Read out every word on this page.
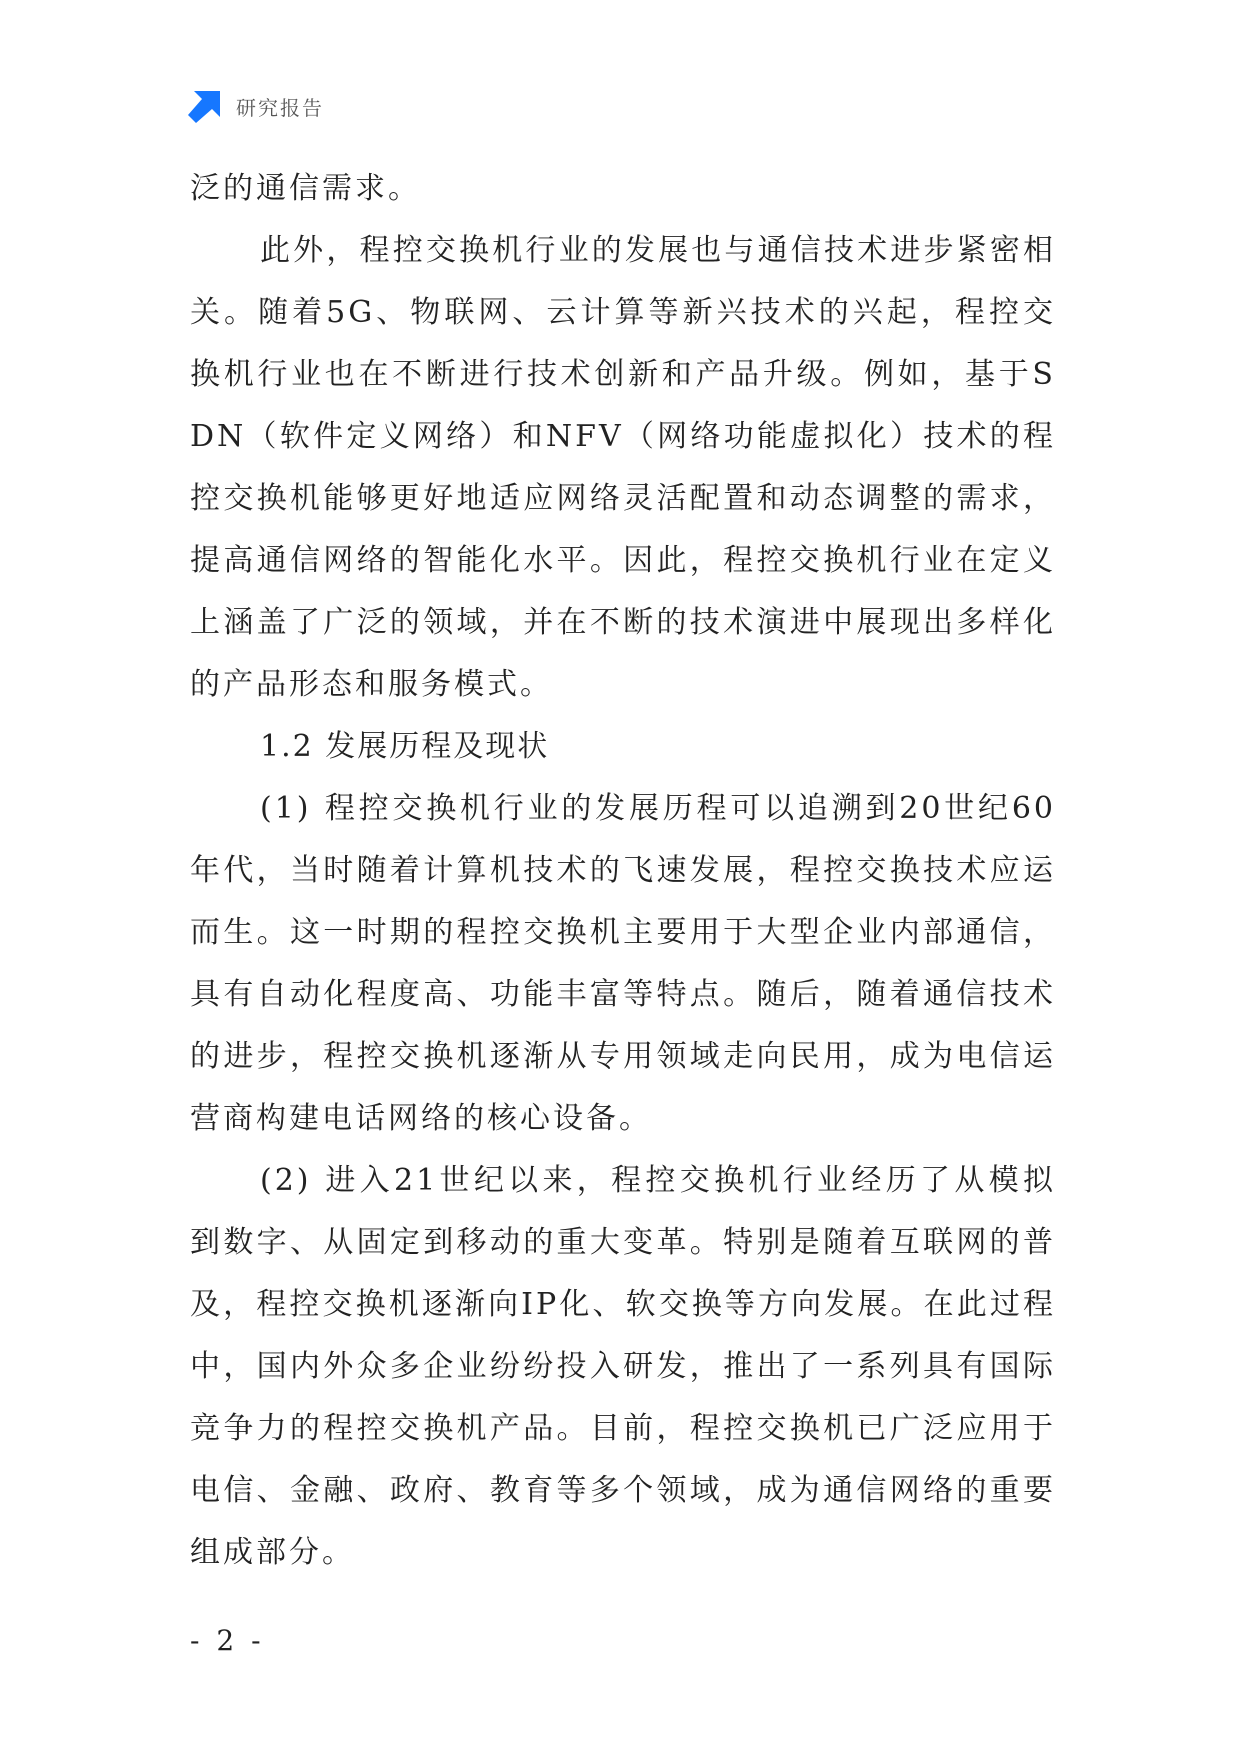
研究报告

泛的通信需求。

此外，程控交换机行业的发展也与通信技术进步紧密相关。随着5G、物联网、云计算等新兴技术的兴起，程控交换机行业也在不断进行技术创新和产品升级。例如，基于SDN（软件定义网络）和NFV（网络功能虚拟化）技术的程控交换机能够更好地适应网络灵活配置和动态调整的需求，提高通信网络的智能化水平。因此，程控交换机行业在定义上涵盖了广泛的领域，并在不断的技术演进中展现出多样化的产品形态和服务模式。

1.2 发展历程及现状

(1) 程控交换机行业的发展历程可以追溯到20世纪60年代，当时随着计算机技术的飞速发展，程控交换技术应运而生。这一时期的程控交换机主要用于大型企业内部通信，具有自动化程度高、功能丰富等特点。随后，随着通信技术的进步，程控交换机逐渐从专用领域走向民用，成为电信运营商构建电话网络的核心设备。

(2) 进入21世纪以来，程控交换机行业经历了从模拟到数字、从固定到移动的重大变革。特别是随着互联网的普及，程控交换机逐渐向IP化、软交换等方向发展。在此过程中，国内外众多企业纷纷投入研发，推出了一系列具有国际竞争力的程控交换机产品。目前，程控交换机已广泛应用于电信、金融、政府、教育等多个领域，成为通信网络的重要组成部分。

- 2 -
